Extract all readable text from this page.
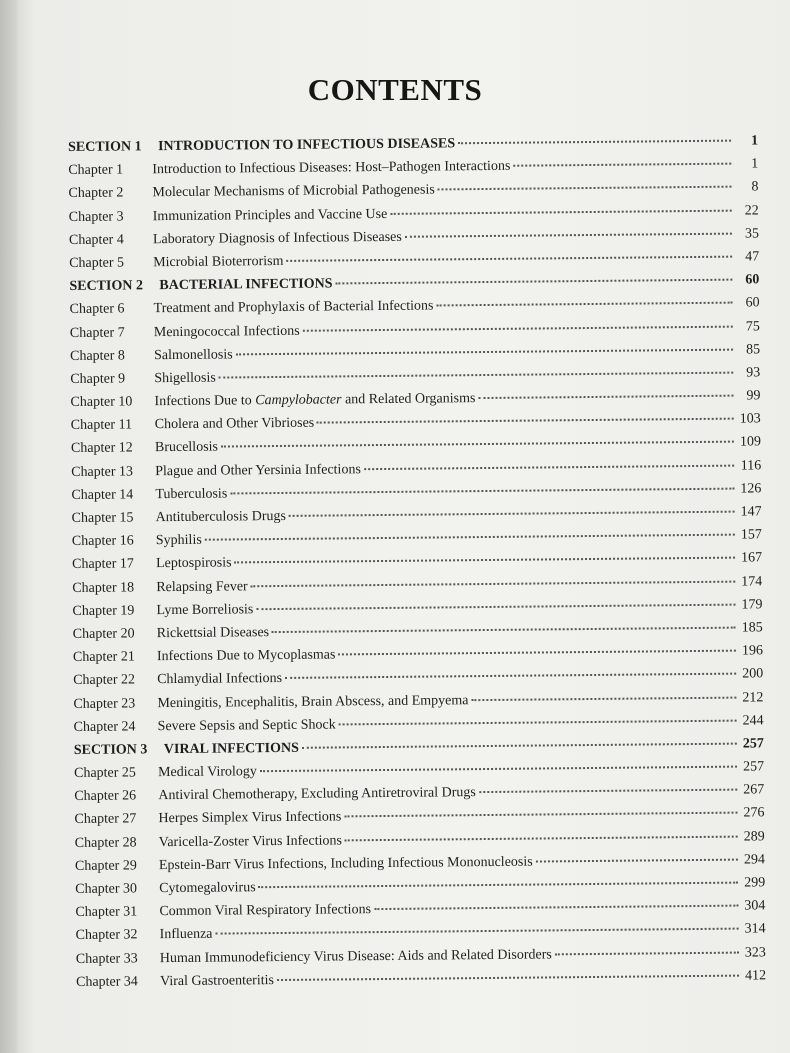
CONTENTS
SECTION 1 INTRODUCTION TO INFECTIOUS DISEASES	1
Chapter 1 Introduction to Infectious Diseases: Host–Pathogen Interactions	1
Chapter 2 Molecular Mechanisms of Microbial Pathogenesis	8
Chapter 3 Immunization Principles and Vaccine Use	22
Chapter 4 Laboratory Diagnosis of Infectious Diseases	35
Chapter 5 Microbial Bioterrorism	47
SECTION 2 BACTERIAL INFECTIONS	60
Chapter 6 Treatment and Prophylaxis of Bacterial Infections	60
Chapter 7 Meningococcal Infections	75
Chapter 8 Salmonellosis	85
Chapter 9 Shigellosis	93
Chapter 10 Infections Due to Campylobacter and Related Organisms	99
Chapter 11 Cholera and Other Vibrioses	103
Chapter 12 Brucellosis	109
Chapter 13 Plague and Other Yersinia Infections	116
Chapter 14 Tuberculosis	126
Chapter 15 Antituberculosis Drugs	147
Chapter 16 Syphilis	157
Chapter 17 Leptospirosis	167
Chapter 18 Relapsing Fever	174
Chapter 19 Lyme Borreliosis	179
Chapter 20 Rickettsial Diseases	185
Chapter 21 Infections Due to Mycoplasmas	196
Chapter 22 Chlamydial Infections	200
Chapter 23 Meningitis, Encephalitis, Brain Abscess, and Empyema	212
Chapter 24 Severe Sepsis and Septic Shock	244
SECTION 3 VIRAL INFECTIONS	257
Chapter 25 Medical Virology	257
Chapter 26 Antiviral Chemotherapy, Excluding Antiretroviral Drugs	267
Chapter 27 Herpes Simplex Virus Infections	276
Chapter 28 Varicella-Zoster Virus Infections	289
Chapter 29 Epstein-Barr Virus Infections, Including Infectious Mononucleosis	294
Chapter 30 Cytomegalovirus	299
Chapter 31 Common Viral Respiratory Infections	304
Chapter 32 Influenza	314
Chapter 33 Human Immunodeficiency Virus Disease: Aids and Related Disorders	323
Chapter 34 Viral Gastroenteritis	412
